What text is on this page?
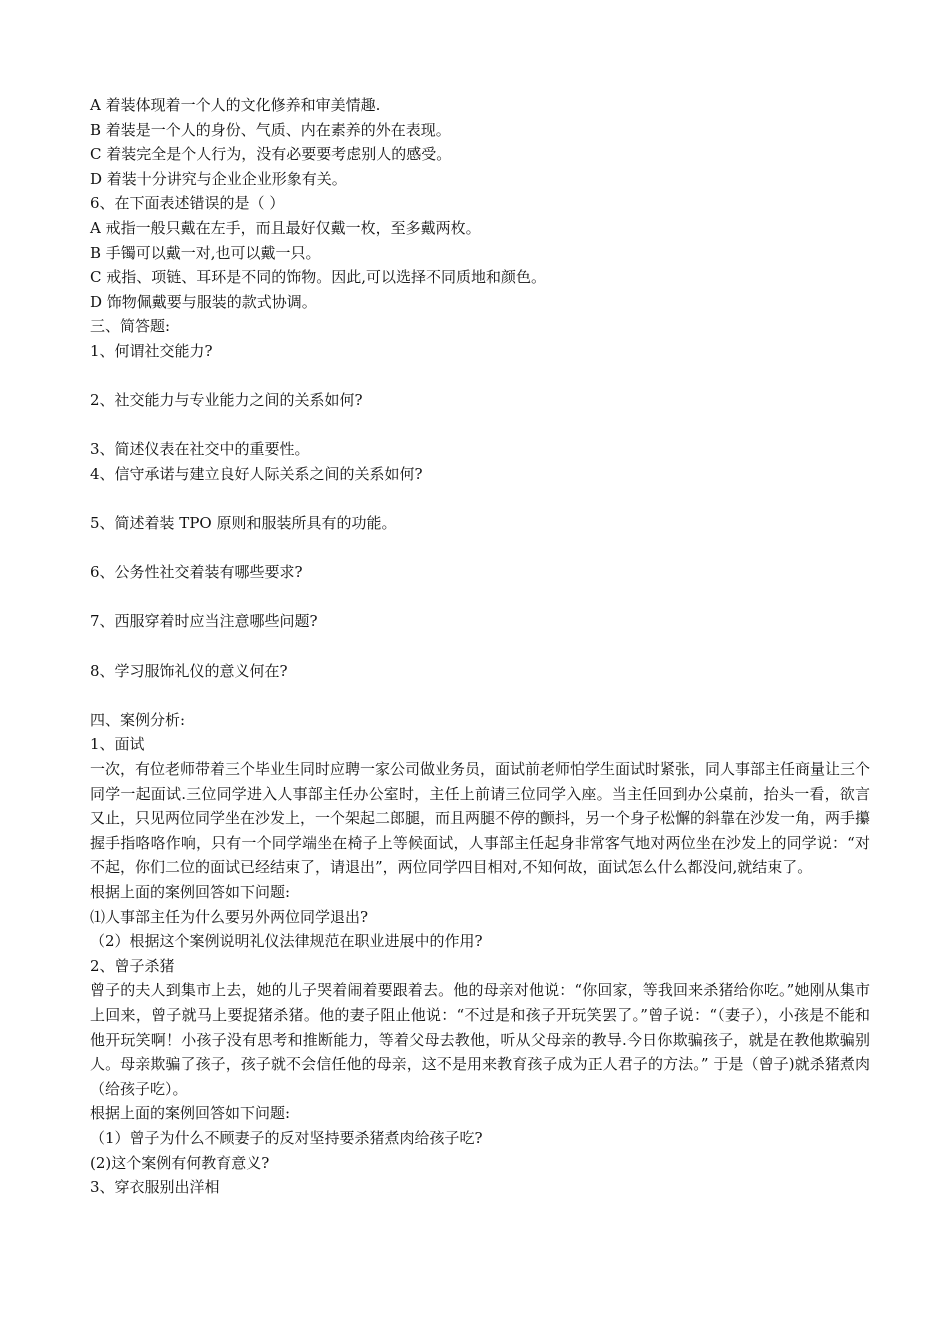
A 着装体现着一个人的文化修养和审美情趣.
B 着装是一个人的身份、气质、内在素养的外在表现。
C 着装完全是个人行为，没有必要要考虑别人的感受。
D 着装十分讲究与企业企业形象有关。
6、在下面表述错误的是（ ）
A 戒指一般只戴在左手，而且最好仅戴一枚，至多戴两枚。
B 手镯可以戴一对,也可以戴一只。
C 戒指、项链、耳环是不同的饰物。因此,可以选择不同质地和颜色。
D 饰物佩戴要与服装的款式协调。
三、简答题:
1、何谓社交能力?
2、社交能力与专业能力之间的关系如何?
3、简述仪表在社交中的重要性。
4、信守承诺与建立良好人际关系之间的关系如何?
5、简述着装 TPO 原则和服装所具有的功能。
6、公务性社交着装有哪些要求?
7、西服穿着时应当注意哪些问题?
8、学习服饰礼仪的意义何在?
四、案例分析:
1、面试
一次，有位老师带着三个毕业生同时应聘一家公司做业务员，面试前老师怕学生面试时紧张，同人事部主任商量让三个同学一起面试.三位同学进入人事部主任办公室时，主任上前请三位同学入座。当主任回到办公桌前，抬头一看，欲言又止，只见两位同学坐在沙发上，一个架起二郎腿，而且两腿不停的颤抖，另一个身子松懈的斜靠在沙发一角，两手攥握手指咯咯作响，只有一个同学端坐在椅子上等候面试，人事部主任起身非常客气地对两位坐在沙发上的同学说：“对不起，你们二位的面试已经结束了，请退出”，两位同学四目相对,不知何故，面试怎么什么都没问,就结束了。
根据上面的案例回答如下问题:
⑴人事部主任为什么要另外两位同学退出?
（2）根据这个案例说明礼仪法律规范在职业进展中的作用?
2、曾子杀猪
曾子的夫人到集市上去，她的儿子哭着闹着要跟着去。他的母亲对他说：“你回家，等我回来杀猪给你吃。”她刚从集市上回来，曾子就马上要捉猪杀猪。他的妻子阻止他说：“不过是和孩子开玩笑罢了。”曾子说：“（妻子），小孩是不能和他开玩笑啊！小孩子没有思考和推断能力，等着父母去教他，听从父母亲的教导.今日你欺骗孩子，就是在教他欺骗别人。母亲欺骗了孩子，孩子就不会信任他的母亲，这不是用来教育孩子成为正人君子的方法。” 于是（曾子)就杀猪煮肉（给孩子吃）。
根据上面的案例回答如下问题:
（1）曾子为什么不顾妻子的反对坚持要杀猪煮肉给孩子吃?
(2)这个案例有何教育意义?
3、穿衣服别出洋相
